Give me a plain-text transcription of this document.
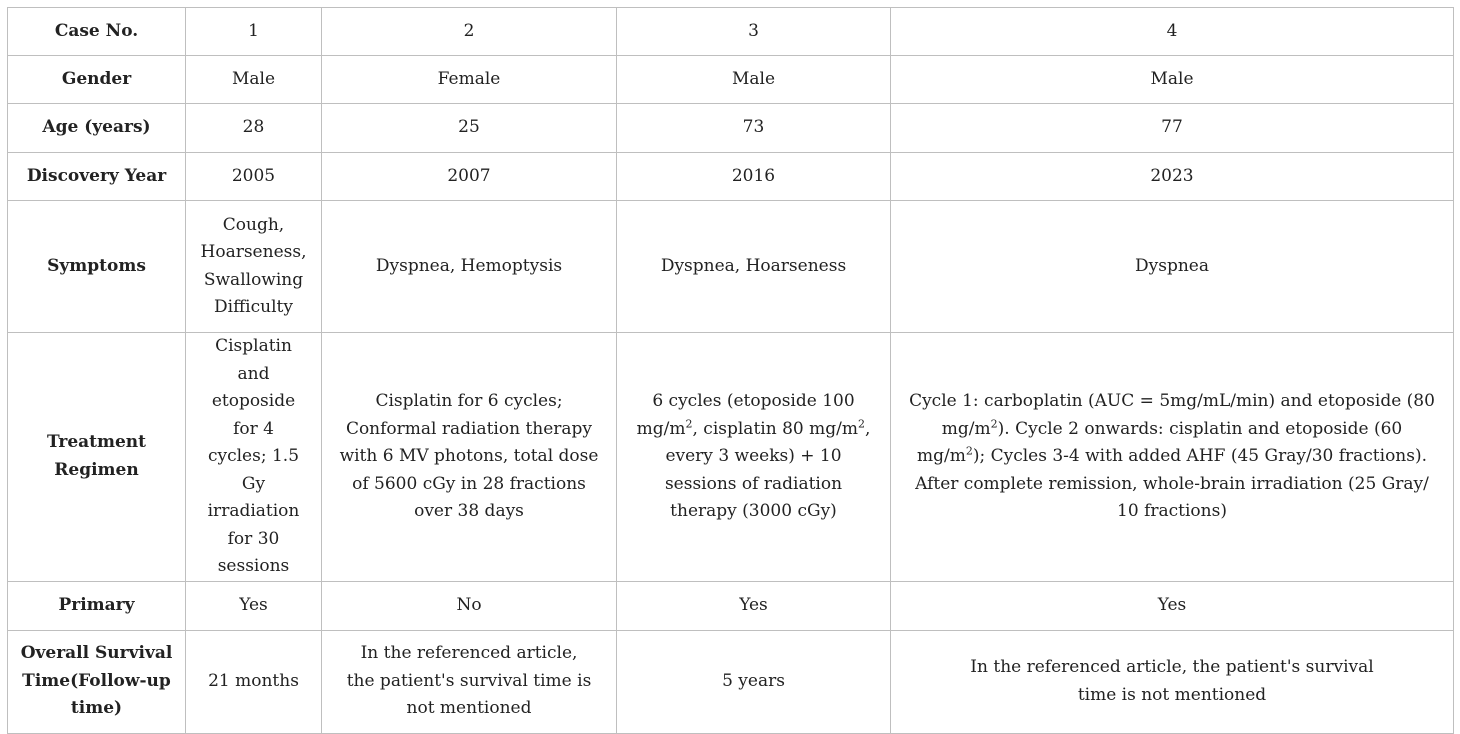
Case No.	1	2	3	4
Gender	Male	Female	Male	Male
Age (years)	28	25	73	77
Discovery Year	2005	2007	2016	2023
Symptoms	Cough, Hoarseness, Swallowing Difficulty	Dyspnea, Hemoptysis	Dyspnea, Hoarseness	Dyspnea
Treatment Regimen	Cisplatin and etoposide for 4 cycles; 1.5 Gy irradiation for 30 sessions	Cisplatin for 6 cycles; Conformal radiation therapy with 6 MV photons, total dose of 5600 cGy in 28 fractions over 38 days	6 cycles (etoposide 100 $mg/m^2$, cisplatin 80 $mg/m^2$, every 3 weeks) + 10 sessions of radiation therapy (3000 cGy)	Cycle 1: carboplatin (AUC = 5mg/mL/min) and etoposide (80 $mg/m^2$). Cycle 2 onwards: cisplatin and etoposide (60 $mg/m^2$); Cycles 3-4 with added AHF (45 Gray/30 fractions). After complete remission, whole-brain irradiation (25 Gray/ 10 fractions)
Primary	Yes	No	Yes	Yes
Overall Survival Time(Follow-up time)	21 months	In the referenced article, the patient's survival time is not mentioned	5 years	In the referenced article, the patient's survival time is not mentioned
